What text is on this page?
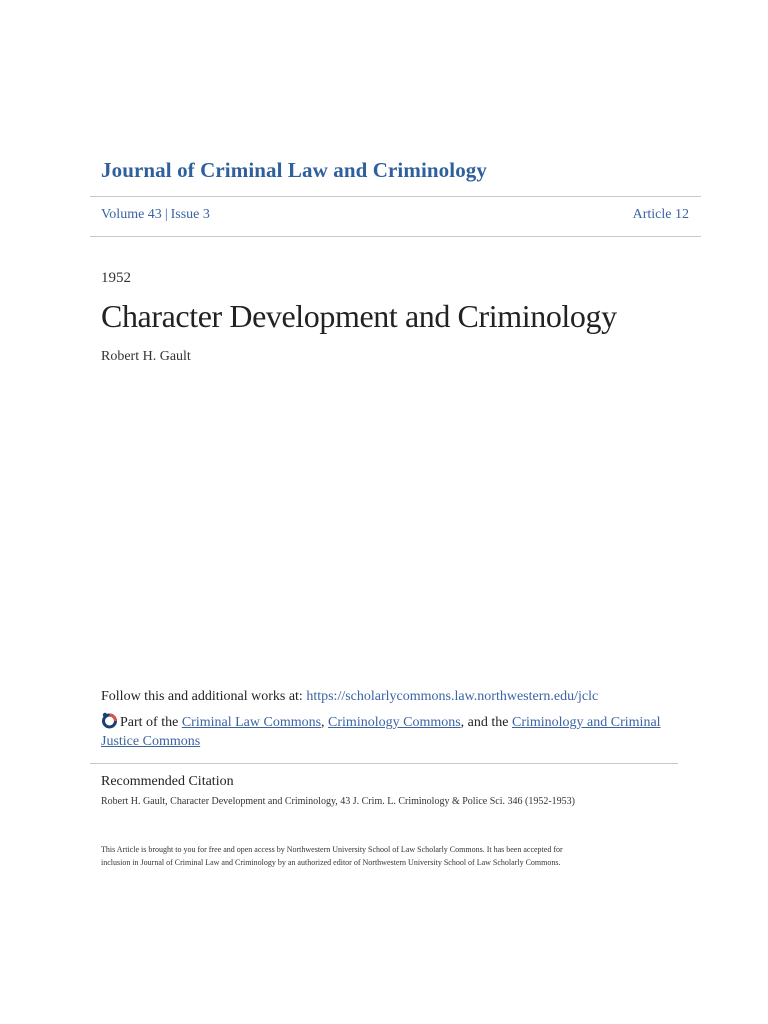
Journal of Criminal Law and Criminology
Volume 43 | Issue 3	Article 12
1952
Character Development and Criminology
Robert H. Gault
Follow this and additional works at: https://scholarlycommons.law.northwestern.edu/jclc
Part of the Criminal Law Commons, Criminology Commons, and the Criminology and Criminal Justice Commons
Recommended Citation
Robert H. Gault, Character Development and Criminology, 43 J. Crim. L. Criminology & Police Sci. 346 (1952-1953)
This Article is brought to you for free and open access by Northwestern University School of Law Scholarly Commons. It has been accepted for
inclusion in Journal of Criminal Law and Criminology by an authorized editor of Northwestern University School of Law Scholarly Commons.
